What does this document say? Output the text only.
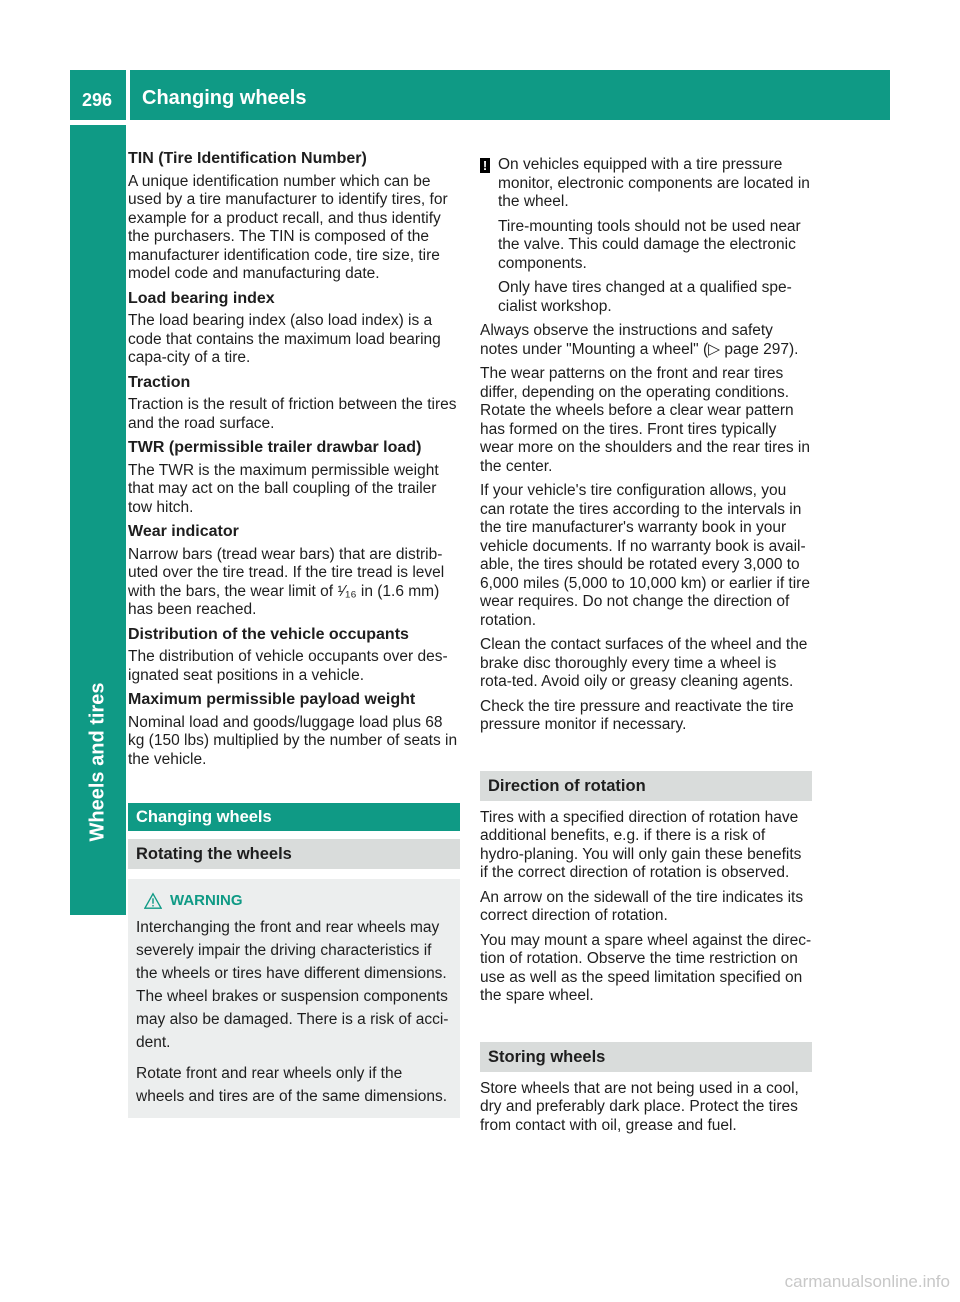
296	Changing wheels
Wheels and tires
TIN (Tire Identification Number)
A unique identification number which can be used by a tire manufacturer to identify tires, for example for a product recall, and thus identify the purchasers. The TIN is composed of the manufacturer identification code, tire size, tire model code and manufacturing date.
Load bearing index
The load bearing index (also load index) is a code that contains the maximum load bearing capa-city of a tire.
Traction
Traction is the result of friction between the tires and the road surface.
TWR (permissible trailer drawbar load)
The TWR is the maximum permissible weight that may act on the ball coupling of the trailer tow hitch.
Wear indicator
Narrow bars (tread wear bars) that are distrib-uted over the tire tread. If the tire tread is level with the bars, the wear limit of ¹⁄₁₆ in (1.6 mm) has been reached.
Distribution of the vehicle occupants
The distribution of vehicle occupants over des-ignated seat positions in a vehicle.
Maximum permissible payload weight
Nominal load and goods/luggage load plus 68 kg (150 lbs) multiplied by the number of seats in the vehicle.
Changing wheels
Rotating the wheels
WARNING
Interchanging the front and rear wheels may severely impair the driving characteristics if the wheels or tires have different dimensions. The wheel brakes or suspension components may also be damaged. There is a risk of acci-dent.
Rotate front and rear wheels only if the wheels and tires are of the same dimensions.
! On vehicles equipped with a tire pressure monitor, electronic components are located in the wheel.
Tire-mounting tools should not be used near the valve. This could damage the electronic components.
Only have tires changed at a qualified spe-cialist workshop.
Always observe the instructions and safety notes under "Mounting a wheel" (▷ page 297).
The wear patterns on the front and rear tires differ, depending on the operating conditions. Rotate the wheels before a clear wear pattern has formed on the tires. Front tires typically wear more on the shoulders and the rear tires in the center.
If your vehicle's tire configuration allows, you can rotate the tires according to the intervals in the tire manufacturer's warranty book in your vehicle documents. If no warranty book is avail-able, the tires should be rotated every 3,000 to 6,000 miles (5,000 to 10,000 km) or earlier if tire wear requires. Do not change the direction of rotation.
Clean the contact surfaces of the wheel and the brake disc thoroughly every time a wheel is rota-ted. Avoid oily or greasy cleaning agents.
Check the tire pressure and reactivate the tire pressure monitor if necessary.
Direction of rotation
Tires with a specified direction of rotation have additional benefits, e.g. if there is a risk of hydro-planing. You will only gain these benefits if the correct direction of rotation is observed.
An arrow on the sidewall of the tire indicates its correct direction of rotation.
You may mount a spare wheel against the direc-tion of rotation. Observe the time restriction on use as well as the speed limitation specified on the spare wheel.
Storing wheels
Store wheels that are not being used in a cool, dry and preferably dark place. Protect the tires from contact with oil, grease and fuel.
carmanualsonline.info
